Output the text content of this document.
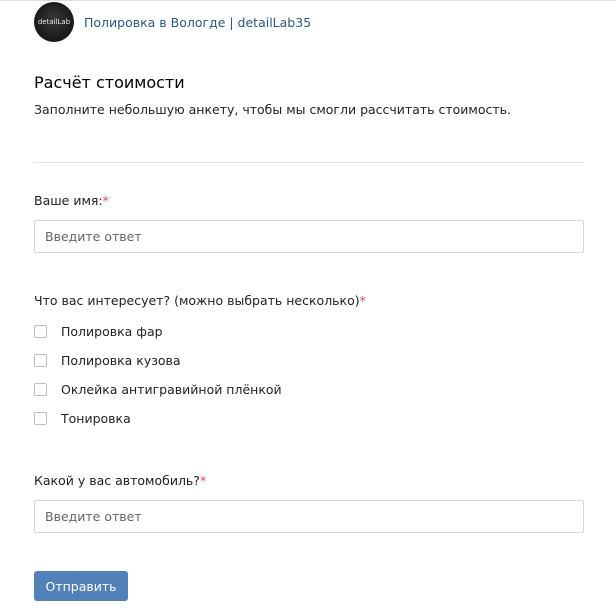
detailLab Полировка в Вологде | detailLab35
Расчёт стоимости
Заполните небольшую анкету, чтобы мы смогли рассчитать стоимость.
Ваше имя:*
Введите ответ
Что вас интересует? (можно выбрать несколько)*
Полировка фар
Полировка кузова
Оклейка антигравийной плёнкой
Тонировка
Какой у вас автомобиль?*
Введите ответ
Отправить
